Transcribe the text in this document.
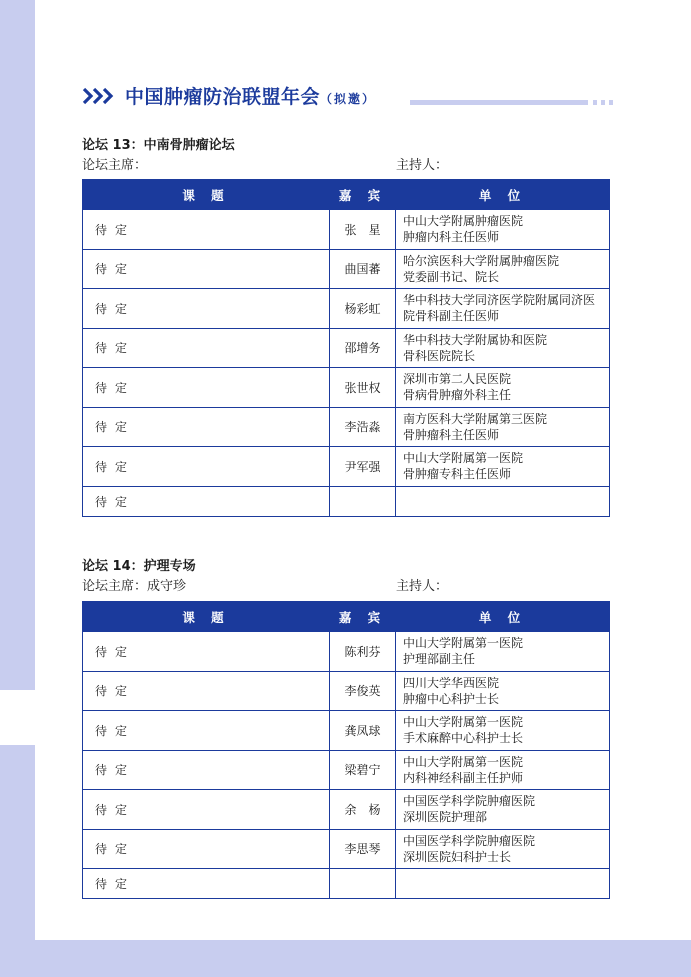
中国肿瘤防治联盟年会（拟邀）
论坛 13：中南骨肿瘤论坛
论坛主席：	主持人：
课 题	嘉 宾	单 位
待定	张　星	中山大学附属肿瘤医院
肿瘤内科主任医师

待定	曲国蕃	哈尔滨医科大学附属肿瘤医院
党委副书记、院长

待定	杨彩虹	华中科技大学同济医学院附属同济医
院骨科副主任医师

待定	邵增务	华中科技大学附属协和医院
骨科医院院长

待定	张世权	深圳市第二人民医院
骨病骨肿瘤外科主任

待定	李浩淼	南方医科大学附属第三医院
骨肿瘤科主任医师

待定	尹军强	中山大学附属第一医院
骨肿瘤专科主任医师

待定		
论坛 14：护理专场
论坛主席：成守珍	主持人：
课 题	嘉 宾	单 位
待定	陈利芬	中山大学附属第一医院
护理部副主任

待定	李俊英	四川大学华西医院
肿瘤中心科护士长

待定	龚凤球	中山大学附属第一医院
手术麻醉中心科护士长

待定	梁碧宁	中山大学附属第一医院
内科神经科副主任护师

待定	余　杨	中国医学科学院肿瘤医院
深圳医院护理部

待定	李思琴	中国医学科学院肿瘤医院
深圳医院妇科护士长

待定		
